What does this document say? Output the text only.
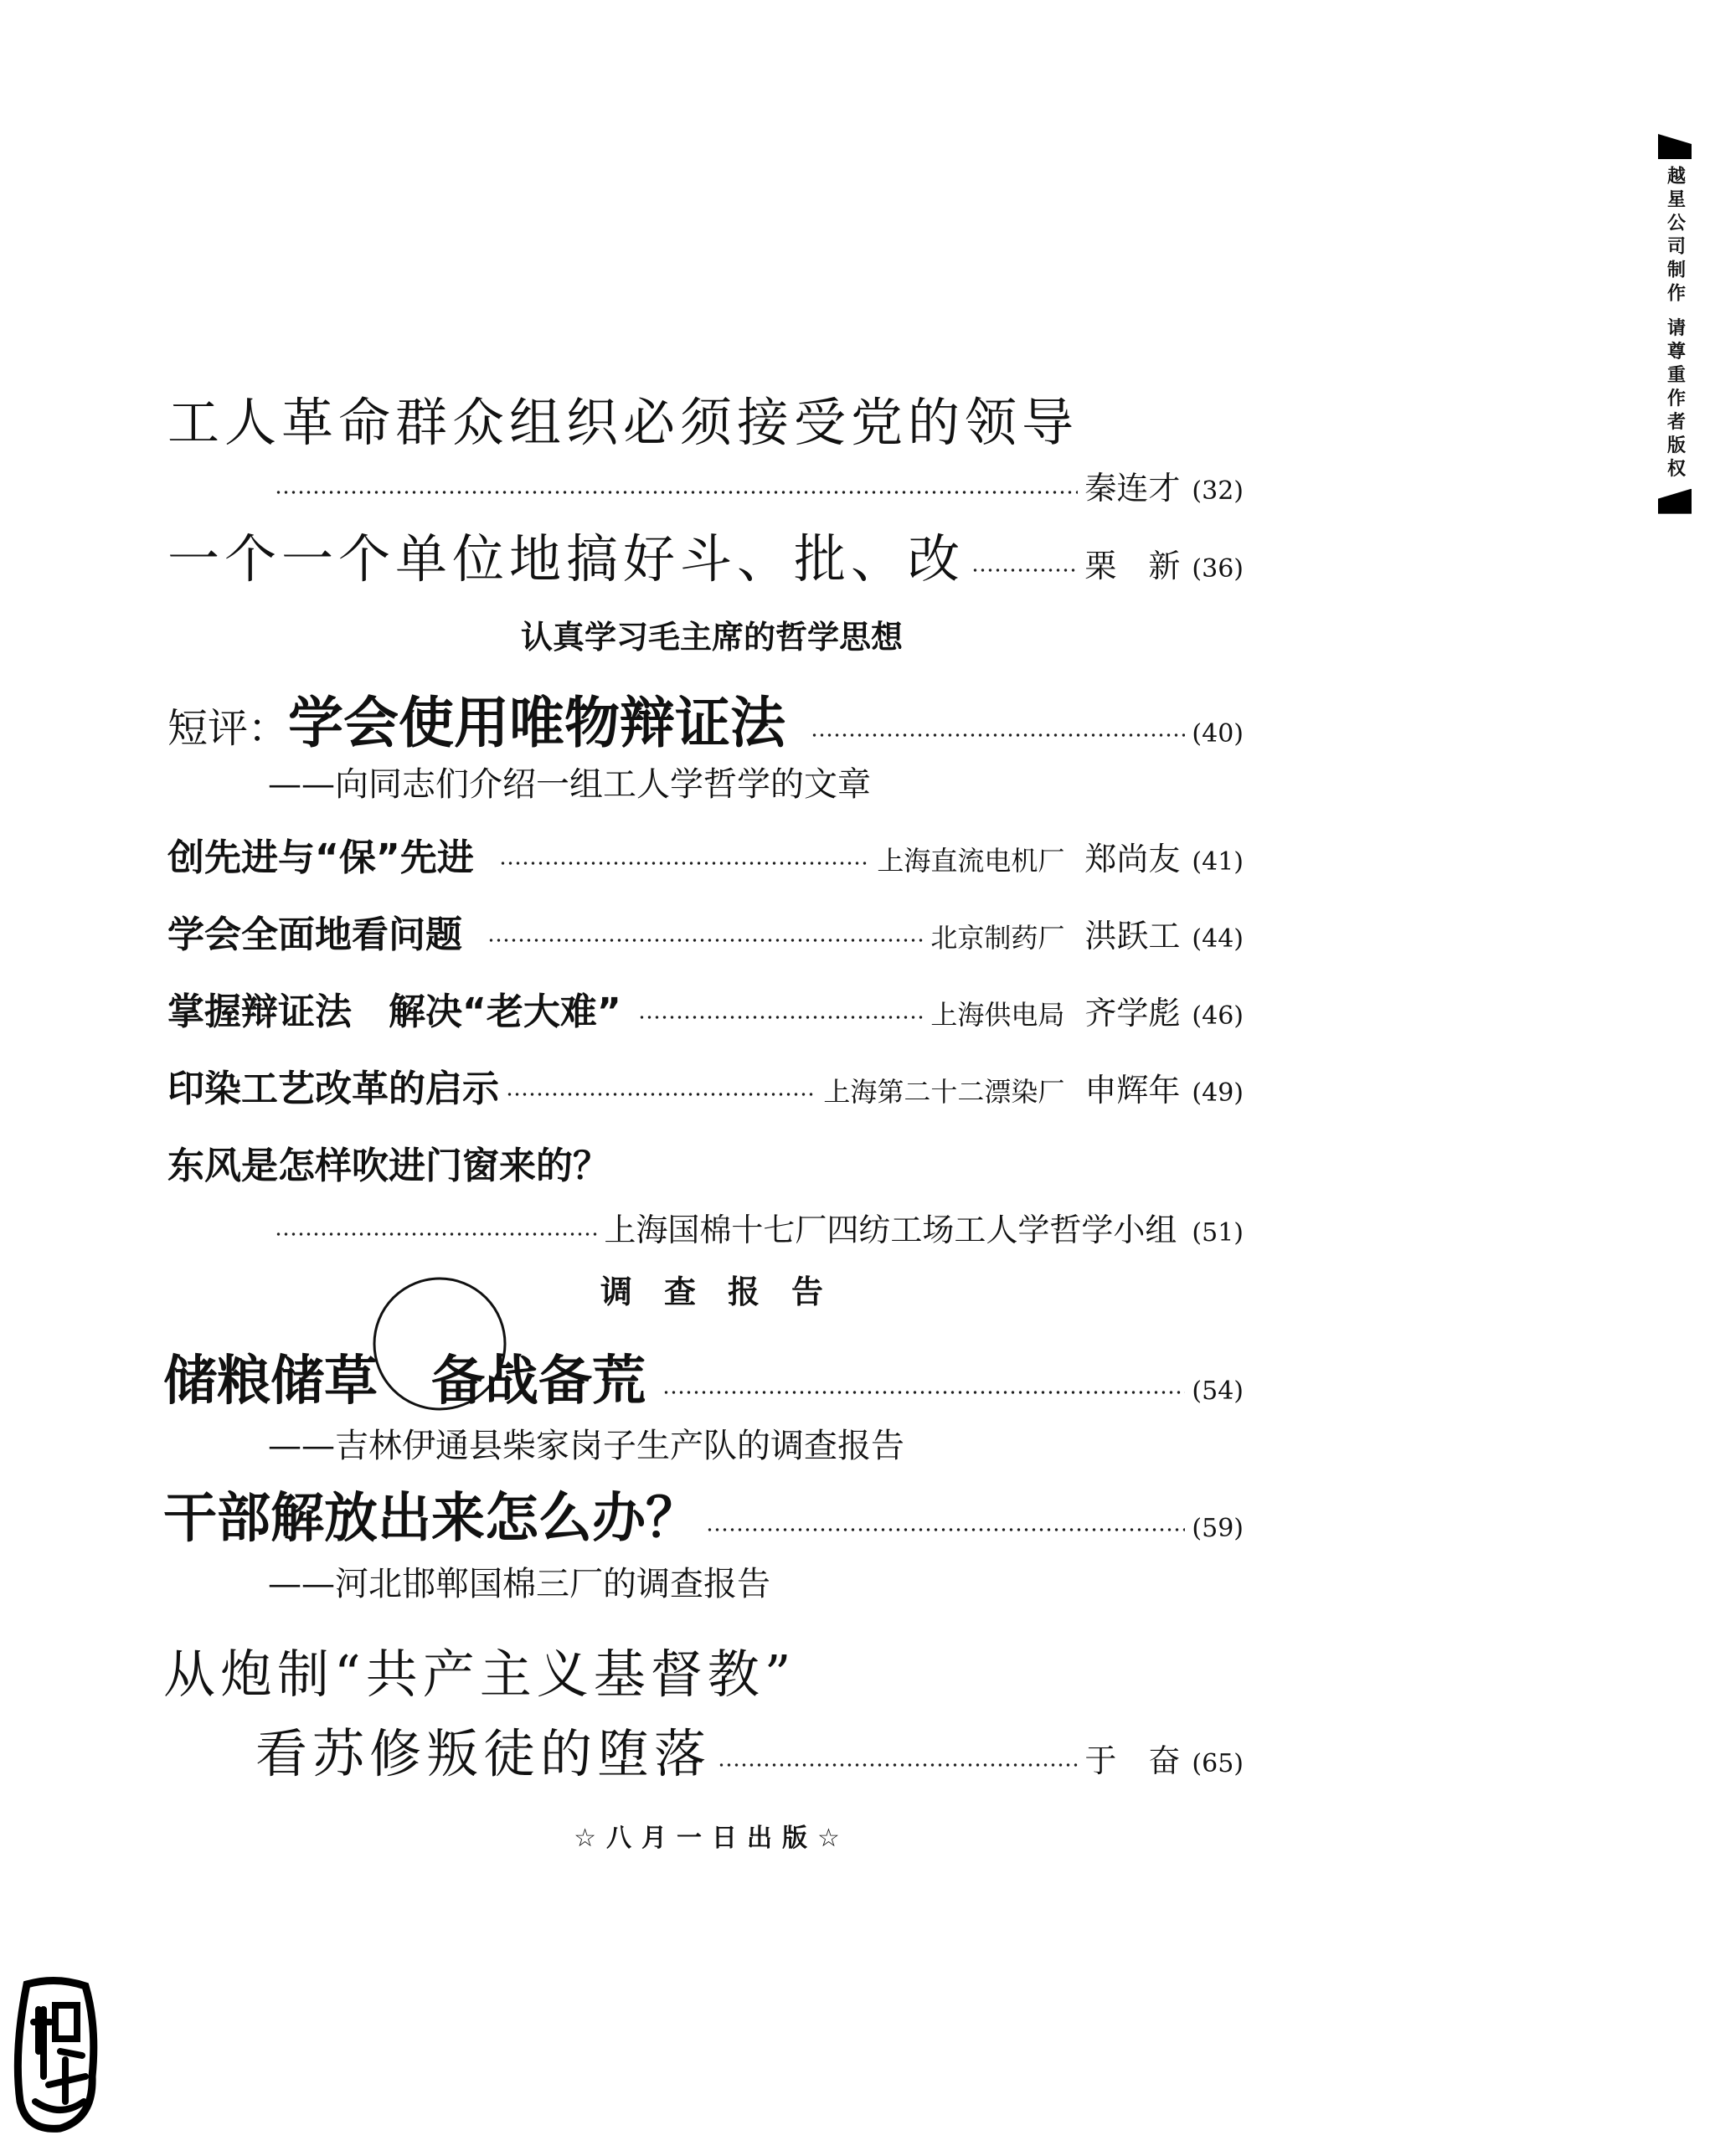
越星公司制作 请尊重作者版权
工人革命群众组织必须接受党的领导
秦连才 (32)
一个一个单位地搞好斗、批、改	栗　新 (36)
认真学习毛主席的哲学思想
短评： 学会使用唯物辩证法	(40)
——向同志们介绍一组工人学哲学的文章
创先进与“保”先进	上海直流电机厂 郑尚友 (41)
学会全面地看问题	北京制药厂 洪跃工 (44)
掌握辩证法　解决“老大难”	上海供电局 齐学彪 (46)
印染工艺改革的启示	上海第二十二漂染厂 申辉年 (49)
东风是怎样吹进门窗来的？
上海国棉十七厂四纺工场工人学哲学小组 (51)
调　查　报　告
储粮储草　备战备荒	(54)
——吉林伊通县柴家岗子生产队的调查报告
干部解放出来怎么办？	(59)
——河北邯郸国棉三厂的调查报告
从炮制“共产主义基督教”
看苏修叛徒的堕落	于　奋 (65)
☆八月一日出版☆
